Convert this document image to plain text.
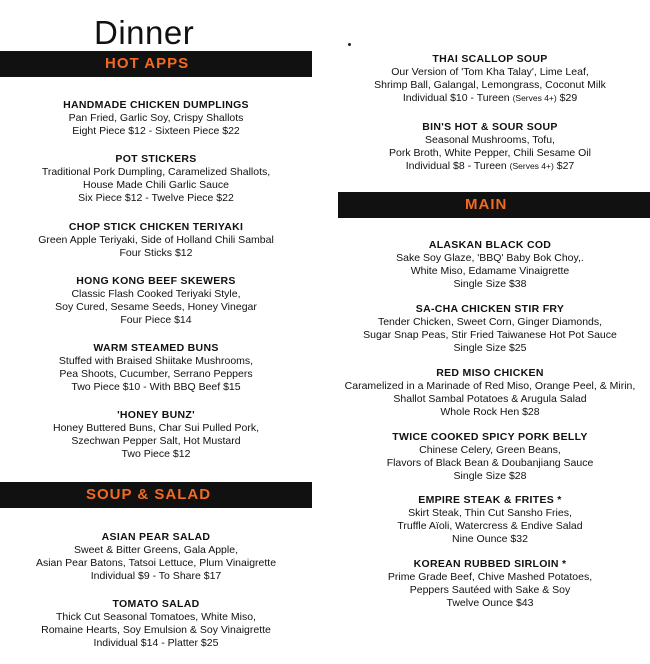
Dinner
HOT APPS
SOUP & SALAD
MAIN
HANDMADE CHICKEN DUMPLINGS
Pan Fried, Garlic Soy, Crispy Shallots
Eight Piece $12 - Sixteen Piece $22
POT STICKERS
Traditional Pork Dumpling, Caramelized Shallots,
House Made Chili Garlic Sauce
Six Piece $12 - Twelve Piece $22
CHOP STICK CHICKEN TERIYAKI
Green Apple Teriyaki, Side of Holland Chili Sambal
Four Sticks $12
HONG KONG BEEF SKEWERS
Classic Flash Cooked Teriyaki Style,
Soy Cured, Sesame Seeds, Honey Vinegar
Four Piece $14
WARM STEAMED BUNS
Stuffed with Braised Shiitake Mushrooms,
Pea Shoots, Cucumber, Serrano Peppers
Two Piece $10 - With BBQ Beef $15
'HONEY BUNZ'
Honey Buttered Buns, Char Sui Pulled Pork,
Szechwan Pepper Salt, Hot Mustard
Two Piece $12
ASIAN PEAR SALAD
Sweet & Bitter Greens, Gala Apple,
Asian Pear Batons, Tatsoi Lettuce, Plum Vinaigrette
Individual $9 - To Share $17
TOMATO SALAD
Thick Cut Seasonal Tomatoes, White Miso,
Romaine Hearts, Soy Emulsion & Soy Vinaigrette
Individual $14 - Platter $25
THAI SCALLOP SOUP
Our Version of 'Tom Kha Talay', Lime Leaf,
Shrimp Ball, Galangal, Lemongrass, Coconut Milk
Individual $10 - Tureen (Serves 4+) $29
BIN'S HOT & SOUR SOUP
Seasonal Mushrooms, Tofu,
Pork Broth, White Pepper, Chili Sesame Oil
Individual $8 - Tureen (Serves 4+) $27
ALASKAN BLACK COD
Sake Soy Glaze, 'BBQ' Baby Bok Choy,.
White Miso, Edamame Vinaigrette
Single Size $38
SA-CHA CHICKEN STIR FRY
Tender Chicken, Sweet Corn, Ginger Diamonds,
Sugar Snap Peas, Stir Fried Taiwanese Hot Pot Sauce
Single Size $25
RED MISO CHICKEN
Caramelized in a Marinade of Red Miso, Orange Peel, & Mirin,
Shallot Sambal Potatoes & Arugula Salad
Whole Rock Hen $28
TWICE COOKED SPICY PORK BELLY
Chinese Celery, Green Beans,
Flavors of Black Bean & Doubanjiang Sauce
Single Size $28
EMPIRE STEAK & FRITES *
Skirt Steak, Thin Cut Sansho Fries,
Truffle Aïoli, Watercress & Endive Salad
Nine Ounce $32
KOREAN RUBBED SIRLOIN *
Prime Grade Beef, Chive Mashed Potatoes,
Peppers Sautéed with Sake & Soy
Twelve Ounce $43
